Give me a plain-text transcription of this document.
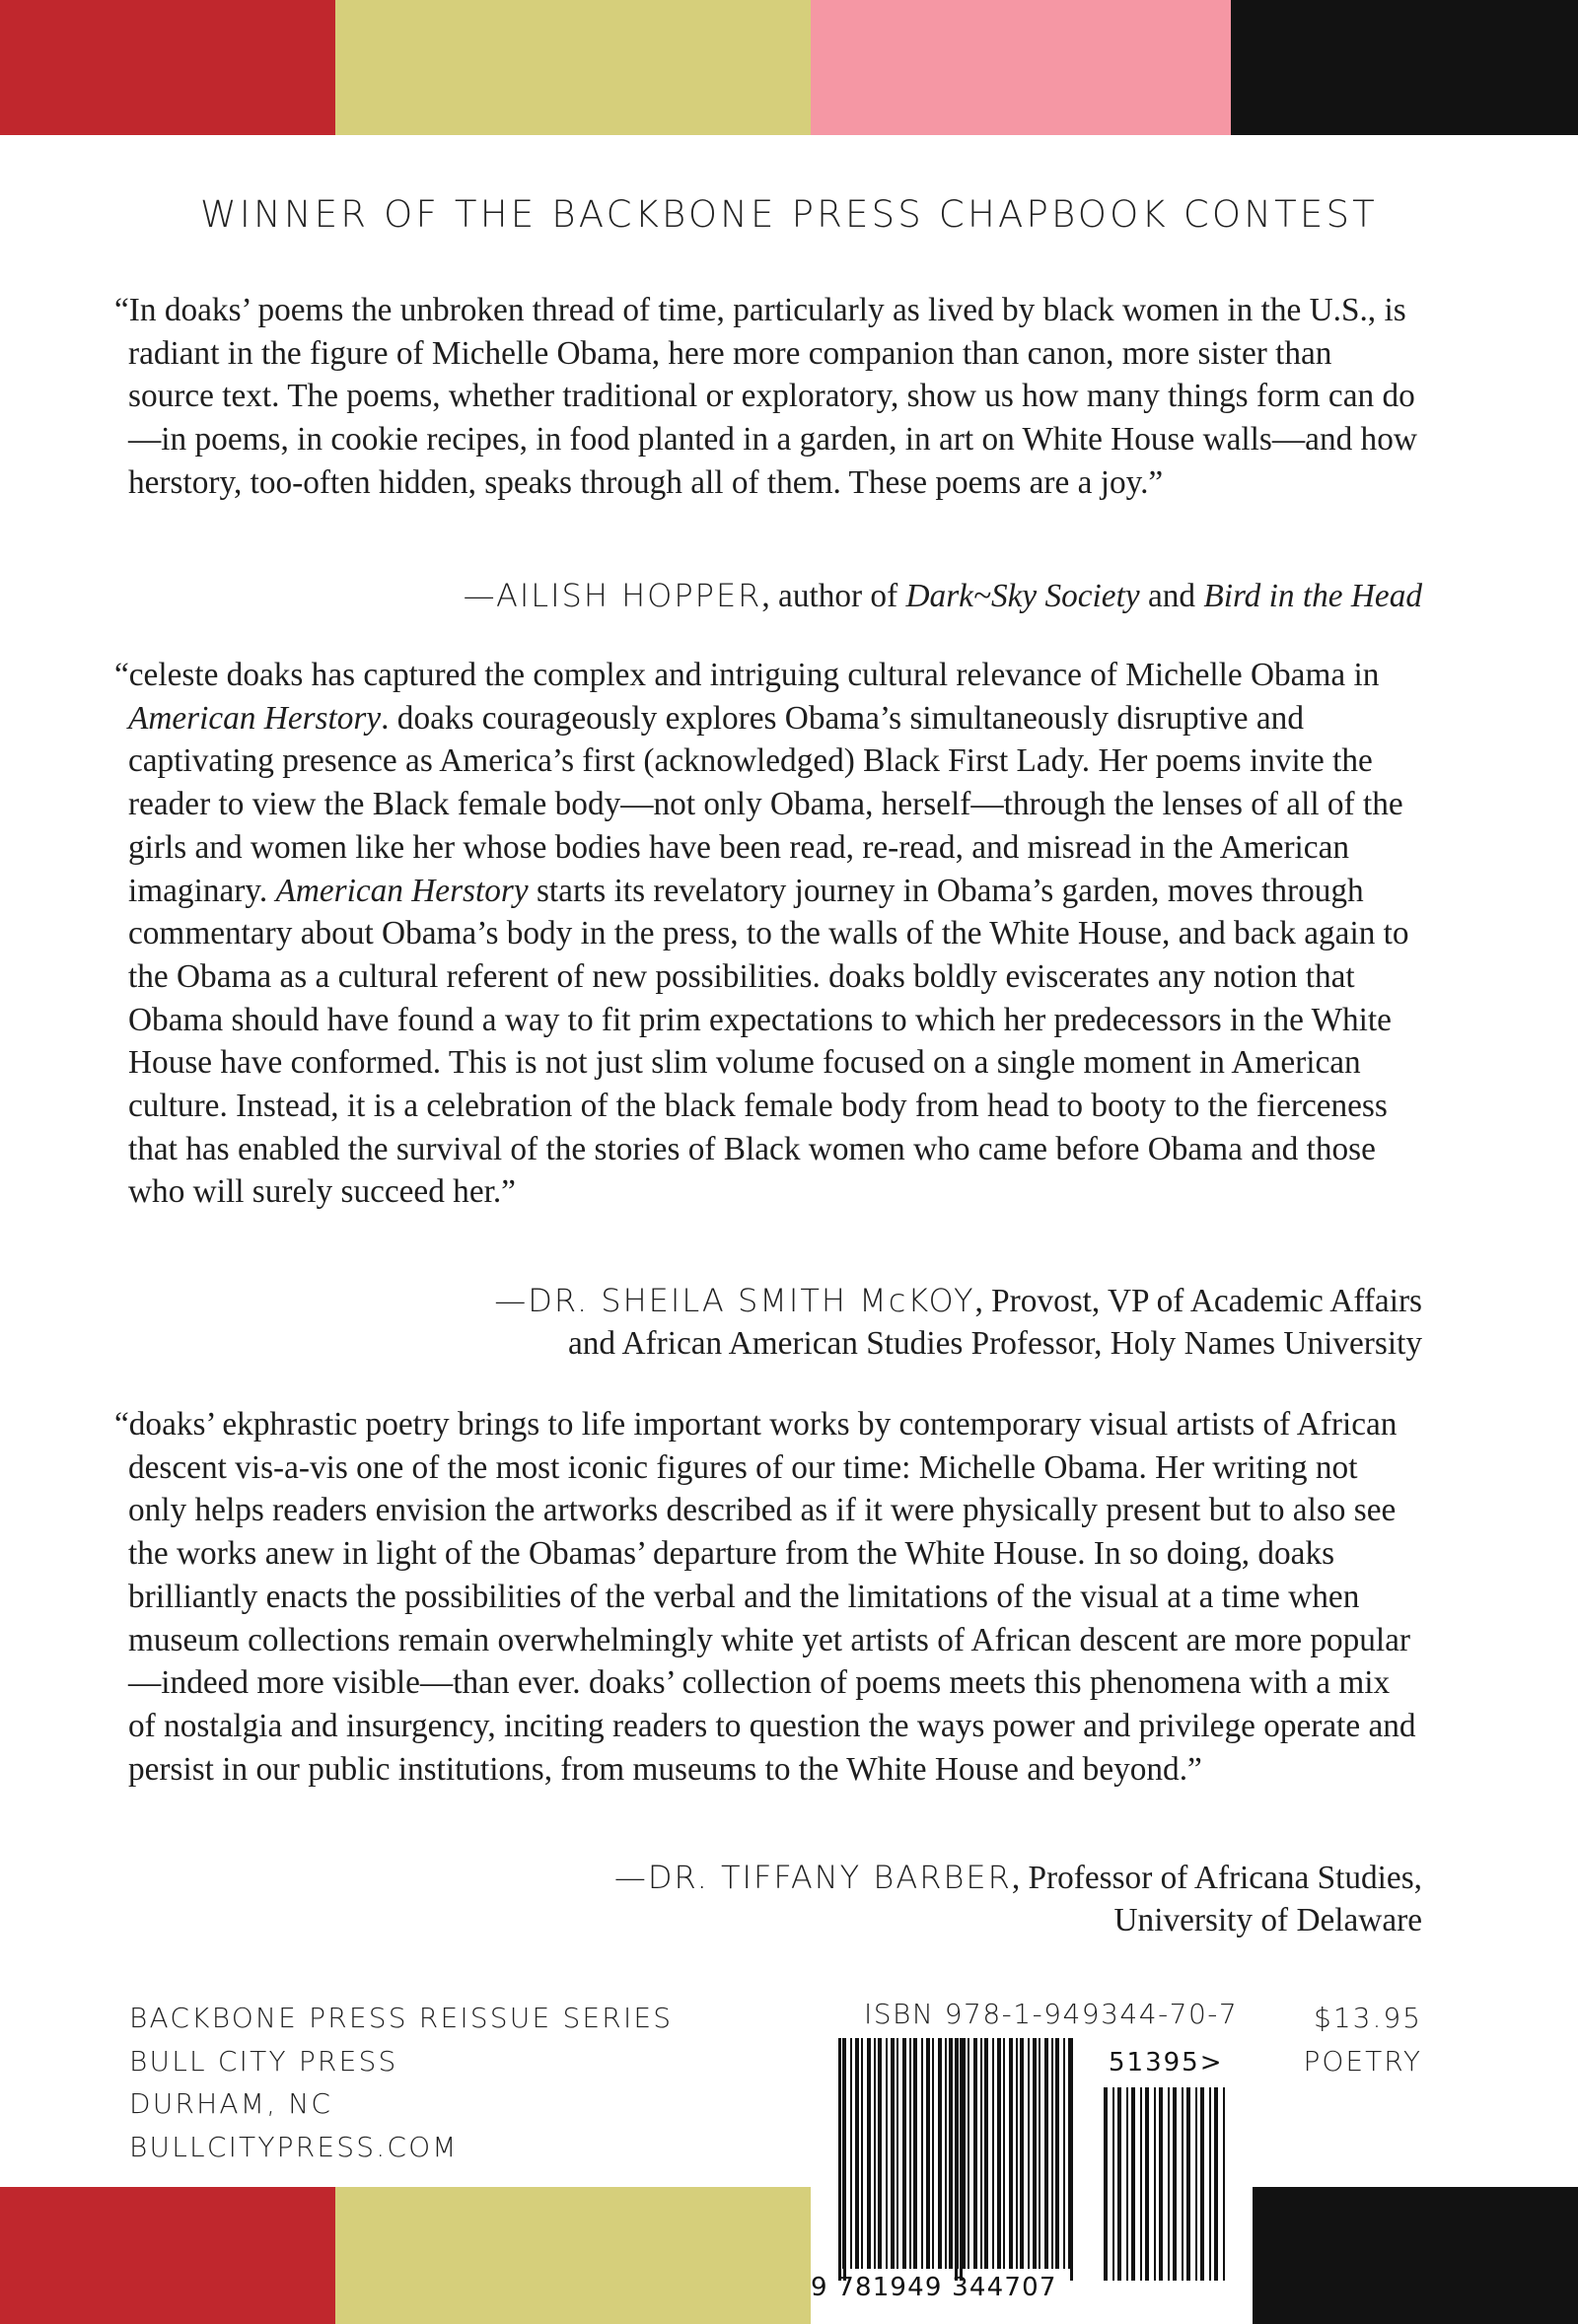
WINNER OF THE BACKBONE PRESS CHAPBOOK CONTEST
“In doaks’ poems the unbroken thread of time, particularly as lived by black women in the U.S., is radiant in the figure of Michelle Obama, here more companion than canon, more sister than source text. The poems, whether traditional or exploratory, show us how many things form can do—in poems, in cookie recipes, in food planted in a garden, in art on White House walls—and how herstory, too-often hidden, speaks through all of them. These poems are a joy.”
—AILISH HOPPER, author of Dark~Sky Society and Bird in the Head
“celeste doaks has captured the complex and intriguing cultural relevance of Michelle Obama in American Herstory. doaks courageously explores Obama’s simultaneously disruptive and captivating presence as America’s first (acknowledged) Black First Lady. Her poems invite the reader to view the Black female body—not only Obama, herself—through the lenses of all of the girls and women like her whose bodies have been read, re-read, and misread in the American imaginary. American Herstory starts its revelatory journey in Obama’s garden, moves through commentary about Obama’s body in the press, to the walls of the White House, and back again to the Obama as a cultural referent of new possibilities. doaks boldly eviscerates any notion that Obama should have found a way to fit prim expectations to which her predecessors in the White House have conformed. This is not just slim volume focused on a single moment in American culture. Instead, it is a celebration of the black female body from head to booty to the fierceness that has enabled the survival of the stories of Black women who came before Obama and those who will surely succeed her.”
—DR. SHEILA SMITH McKOY, Provost, VP of Academic Affairs
and African American Studies Professor, Holy Names University
“doaks’ ekphrastic poetry brings to life important works by contemporary visual artists of African descent vis-a-vis one of the most iconic figures of our time: Michelle Obama. Her writing not only helps readers envision the artworks described as if it were physically present but to also see the works anew in light of the Obamas’ departure from the White House. In so doing, doaks brilliantly enacts the possibilities of the verbal and the limitations of the visual at a time when museum collections remain overwhelmingly white yet artists of African descent are more popular—indeed more visible—than ever. doaks’ collection of poems meets this phenomena with a mix of nostalgia and insurgency, inciting readers to question the ways power and privilege operate and persist in our public institutions, from museums to the White House and beyond.”
—DR. TIFFANY BARBER, Professor of Africana Studies,
University of Delaware
BACKBONE PRESS REISSUE SERIES
BULL CITY PRESS
DURHAM, NC
BULLCITYPRESS.COM
ISBN 978-1-949344-70-7	$13.95
POETRY
9 781949 344707
51395>
